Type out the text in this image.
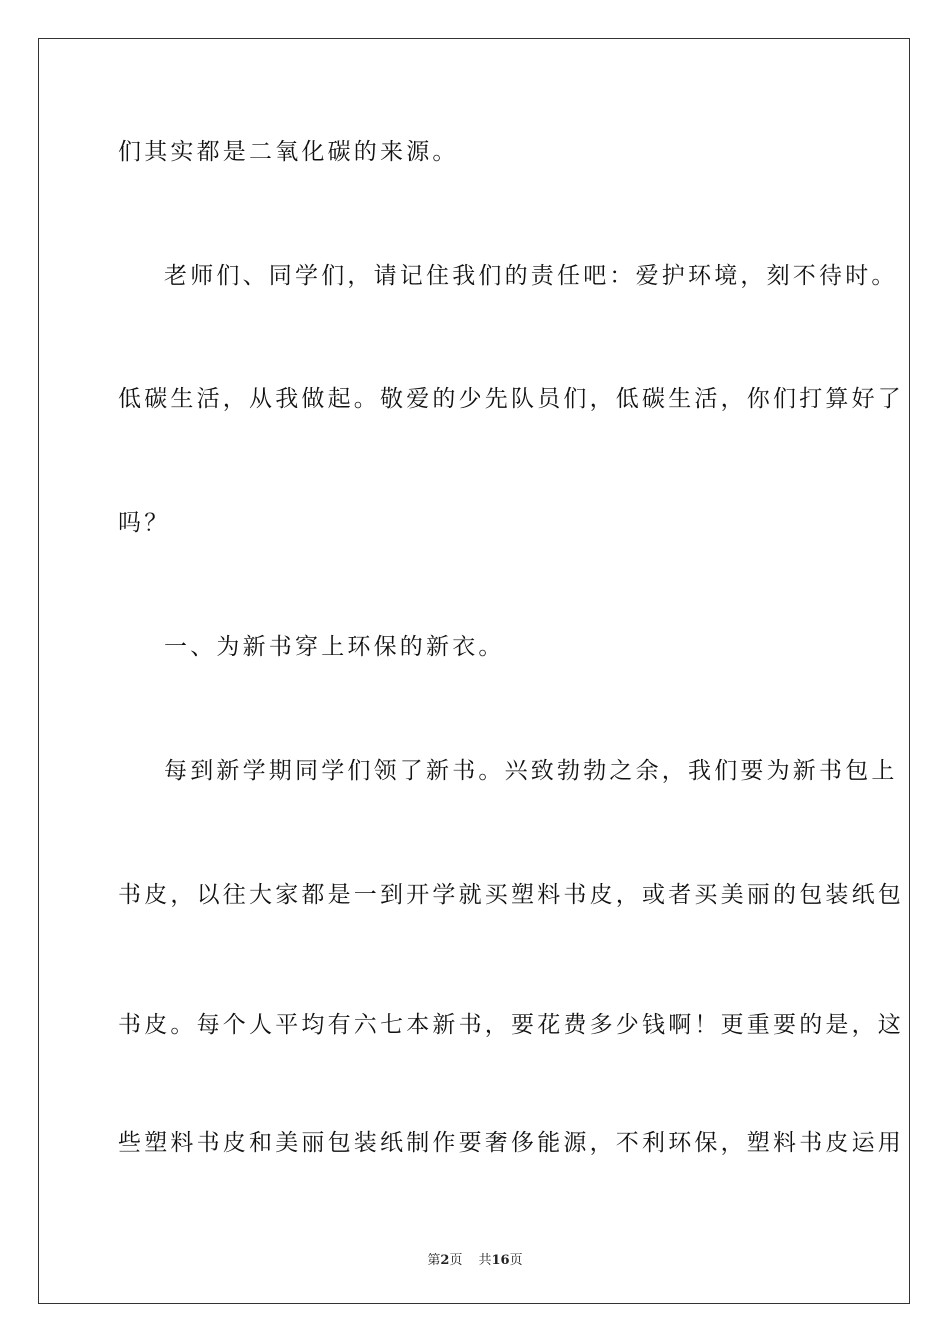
们其实都是二氧化碳的来源。
老师们、同学们，请记住我们的责任吧：爱护环境，刻不待时。
低碳生活，从我做起。敬爱的少先队员们，低碳生活，你们打算好了
吗？
一、为新书穿上环保的新衣。
每到新学期同学们领了新书。兴致勃勃之余，我们要为新书包上
书皮，以往大家都是一到开学就买塑料书皮，或者买美丽的包装纸包
书皮。每个人平均有六七本新书，要花费多少钱啊！更重要的是，这
些塑料书皮和美丽包装纸制作要奢侈能源，不利环保，塑料书皮运用
第2页 共16页
